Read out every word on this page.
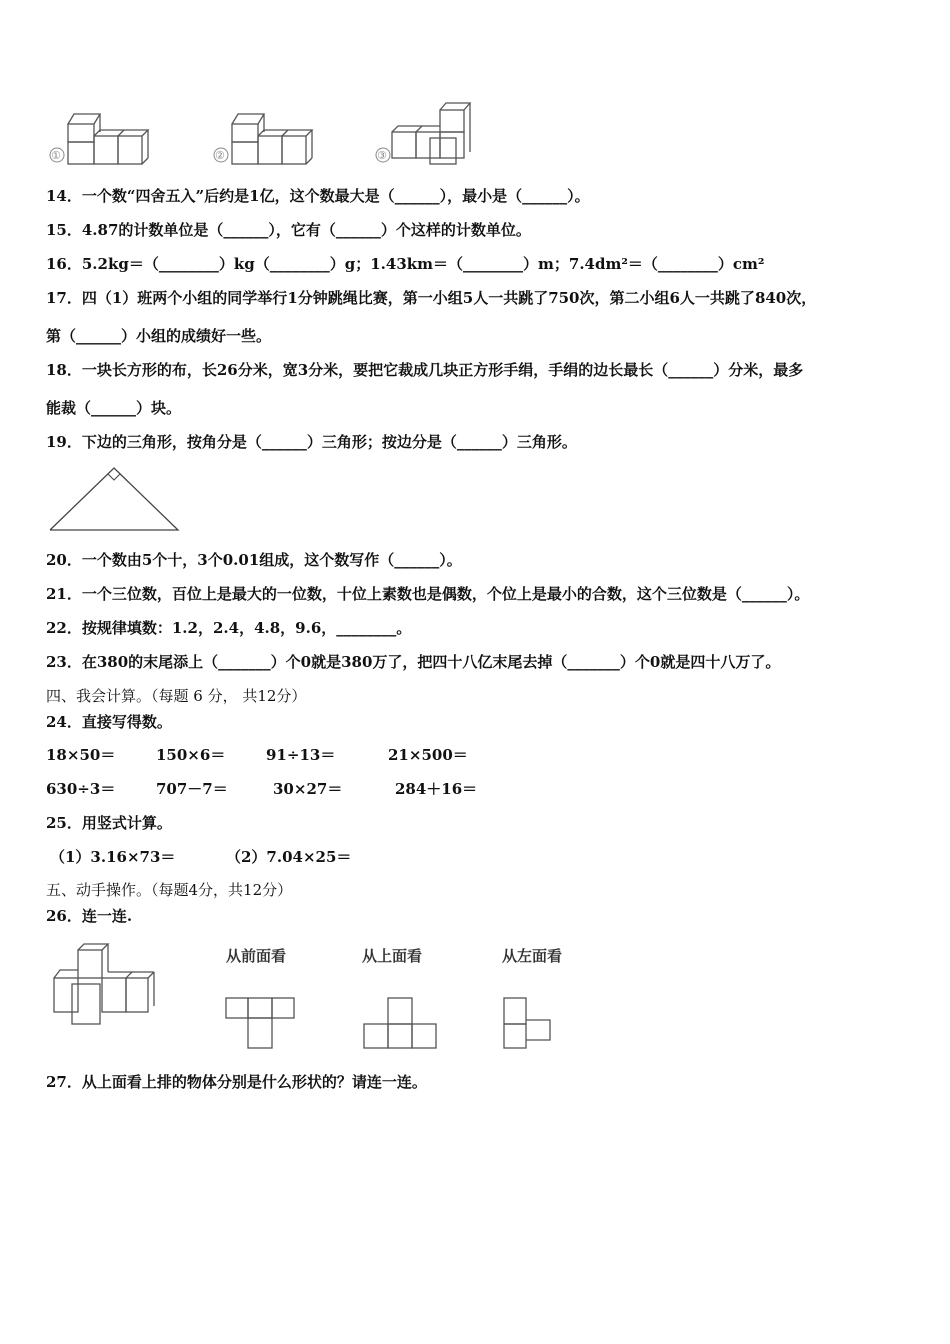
①	②	③
14．一个数“四舍五入”后约是1亿，这个数最大是（______），最小是（______）。
15．4.87的计数单位是（______），它有（______）个这样的计数单位。
16．5.2kg＝（________）kg（________）g；1.43km＝（________）m；7.4dm²＝（________）cm²
17．四（1）班两个小组的同学举行1分钟跳绳比赛，第一小组5人一共跳了750次，第二小组6人一共跳了840次，
第（______）小组的成绩好一些。
18．一块长方形的布，长26分米，宽3分米，要把它裁成几块正方形手绢，手绢的边长最长（______）分米，最多
能裁（______）块。
19．下边的三角形，按角分是（______）三角形；按边分是（______）三角形。
20．一个数由5个十，3个0.01组成，这个数写作（______）。
21．一个三位数，百位上是最大的一位数，十位上素数也是偶数，个位上是最小的合数，这个三位数是（______）。
22．按规律填数：1.2，2.4，4.8，9.6，________。
23．在380的末尾添上（_______）个0就是380万了，把四十八亿末尾去掉（_______）个0就是四十八万了。
四、我会计算。（每题 6 分， 共12分）
24．直接写得数。
18×50＝	150×6＝	91÷13＝	21×500＝
630÷3＝	707－7＝	30×27＝	284＋16＝
25．用竖式计算。
（1）3.16×73＝	（2）7.04×25＝
五、动手操作。（每题4分，共12分）
26．连一连.
从前面看	从上面看	从左面看
27．从上面看上排的物体分别是什么形状的？请连一连。
